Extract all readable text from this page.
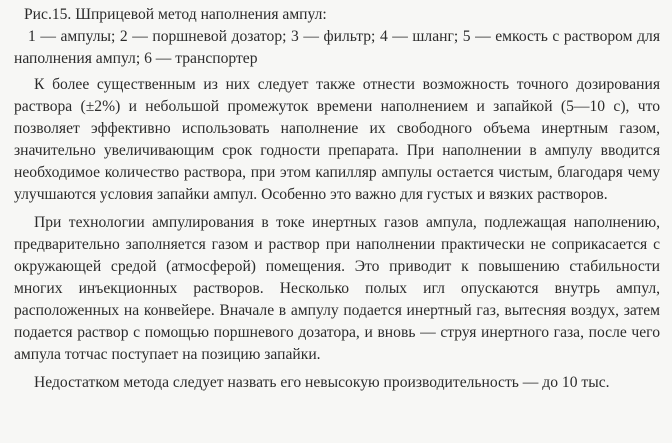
Рис.15. Шприцевой метод наполнения ампул:

1 — ампулы; 2 — поршневой дозатор; 3 — фильтр; 4 — шланг; 5 — емкость с раствором для наполнения ампул; 6 — транспортер

К более существенным из них следует также отнести возможность точного дозирования раствора (±2%) и небольшой промежуток времени наполнением и запайкой (5—10 с), что позволяет эффективно использовать наполнение их свободного объема инертным газом, значительно увеличивающим срок годности препарата. При наполнении в ампулу вводится необходимое количество раствора, при этом капилляр ампулы остается чистым, благодаря чему улучшаются условия запайки ампул. Особенно это важно для густых и вязких растворов.

При технологии ампулирования в токе инертных газов ампула, подлежащая наполнению, предварительно заполняется газом и раствор при наполнении практически не соприкасается с окружающей средой (атмосферой) помещения. Это приводит к повышению стабильности многих инъекционных растворов. Несколько полых игл опускаются внутрь ампул, расположенных на конвейере. Вначале в ампулу подается инертный газ, вытесняя воздух, затем подается раствор с помощью поршневого дозатора, и вновь — струя инертного газа, после чего ампула тотчас поступает на позицию запайки.

Недостатком метода следует назвать его невысокую производительность — до 10 тыс.
